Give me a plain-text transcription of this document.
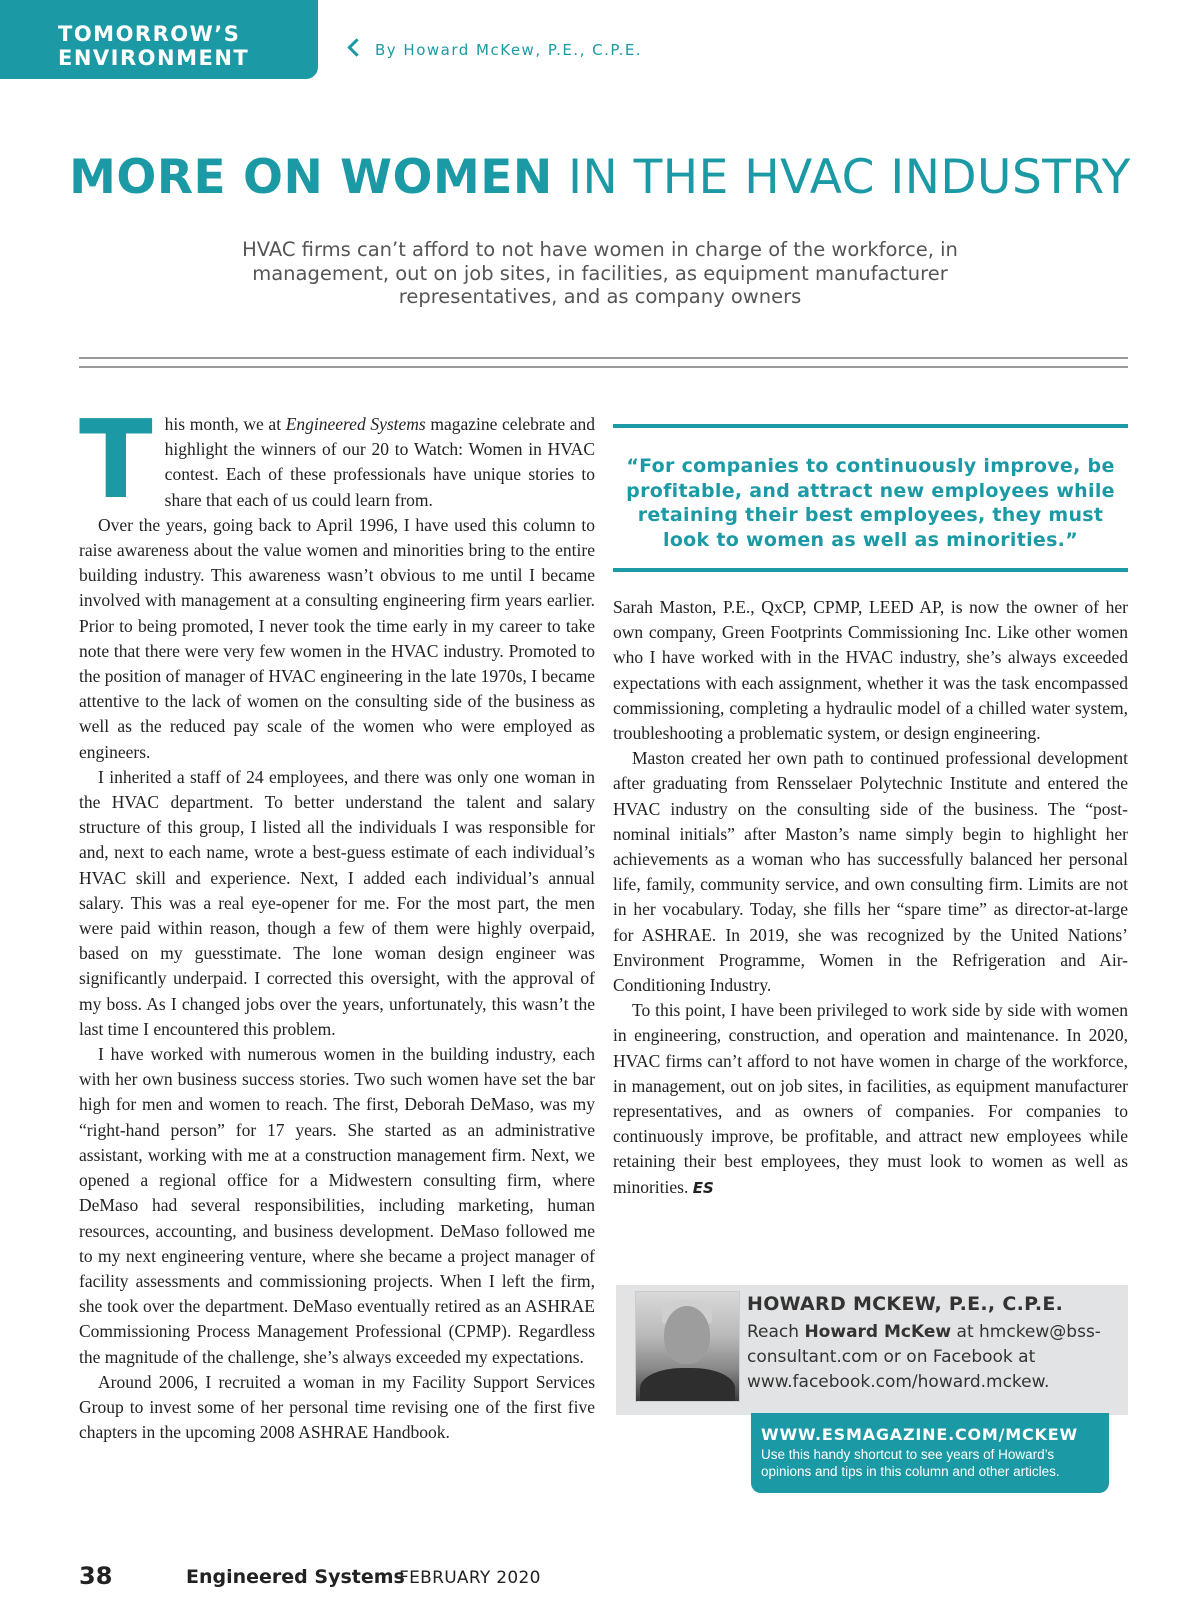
TOMORROW’S
ENVIRONMENT	By Howard McKew, P.E., C.P.E.
MORE ON WOMEN IN THE HVAC INDUSTRY
HVAC firms can’t afford to not have women in charge of the workforce, in management, out on job sites, in facilities, as equipment manufacturer representatives, and as company owners

This month, we at Engineered Systems magazine celebrate and highlight the winners of our 20 to Watch: Women in HVAC contest. Each of these professionals have unique stories to share that each of us could learn from.

Over the years, going back to April 1996, I have used this column to raise awareness about the value women and minorities bring to the entire building industry. This awareness wasn’t obvious to me until I became involved with management at a consulting engineering firm years earlier. Prior to being promoted, I never took the time early in my career to take note that there were very few women in the HVAC industry. Promoted to the position of manager of HVAC engineering in the late 1970s, I became attentive to the lack of women on the consulting side of the business as well as the reduced pay scale of the women who were employed as engineers.

I inherited a staff of 24 employees, and there was only one woman in the HVAC department. To better understand the talent and salary structure of this group, I listed all the individuals I was responsible for and, next to each name, wrote a best-guess estimate of each individual’s HVAC skill and experience. Next, I added each individual’s annual salary. This was a real eye-opener for me. For the most part, the men were paid within reason, though a few of them were highly overpaid, based on my guesstimate. The lone woman design engineer was significantly underpaid. I corrected this oversight, with the approval of my boss. As I changed jobs over the years, unfortunately, this wasn’t the last time I encountered this problem.

I have worked with numerous women in the building industry, each with her own business success stories. Two such women have set the bar high for men and women to reach. The first, Deborah DeMaso, was my “right-hand person” for 17 years. She started as an administrative assistant, working with me at a construction management firm. Next, we opened a regional office for a Midwestern consulting firm, where DeMaso had several responsibilities, including marketing, human resources, accounting, and business development. DeMaso followed me to my next engineering venture, where she became a project manager of facility assessments and commissioning projects. When I left the firm, she took over the department. DeMaso eventually retired as an ASHRAE Commissioning Process Management Professional (CPMP). Regardless the magnitude of the challenge, she’s always exceeded my expectations.

Around 2006, I recruited a woman in my Facility Support Services Group to invest some of her personal time revising one of the first five chapters in the upcoming 2008 ASHRAE Handbook.

“For companies to continuously improve, be profitable, and attract new employees while retaining their best employees, they must look to women as well as minorities.”

Sarah Maston, P.E., QxCP, CPMP, LEED AP, is now the owner of her own company, Green Footprints Commissioning Inc. Like other women who I have worked with in the HVAC industry, she’s always exceeded expectations with each assignment, whether it was the task encompassed commissioning, completing a hydraulic model of a chilled water system, troubleshooting a problematic system, or design engineering.

Maston created her own path to continued professional development after graduating from Rensselaer Polytechnic Institute and entered the HVAC industry on the consulting side of the business. The “post-nominal initials” after Maston’s name simply begin to highlight her achievements as a woman who has successfully balanced her personal life, family, community service, and own consulting firm. Limits are not in her vocabulary. Today, she fills her “spare time” as director-at-large for ASHRAE. In 2019, she was recognized by the United Nations’ Environment Programme, Women in the Refrigeration and Air-Conditioning Industry.

To this point, I have been privileged to work side by side with women in engineering, construction, and operation and maintenance. In 2020, HVAC firms can’t afford to not have women in charge of the workforce, in management, out on job sites, in facilities, as equipment manufacturer representatives, and as owners of companies. For companies to continuously improve, be profitable, and attract new employees while retaining their best employees, they must look to women as well as minorities. ES

HOWARD MCKEW, P.E., C.P.E.
Reach Howard McKew at hmckew@bss-consultant.com or on Facebook at www.facebook.com/howard.mckew.
WWW.ESMAGAZINE.COM/MCKEW
Use this handy shortcut to see years of Howard’s opinions and tips in this column and other articles.
38	Engineered Systems
FEBRUARY 2020
